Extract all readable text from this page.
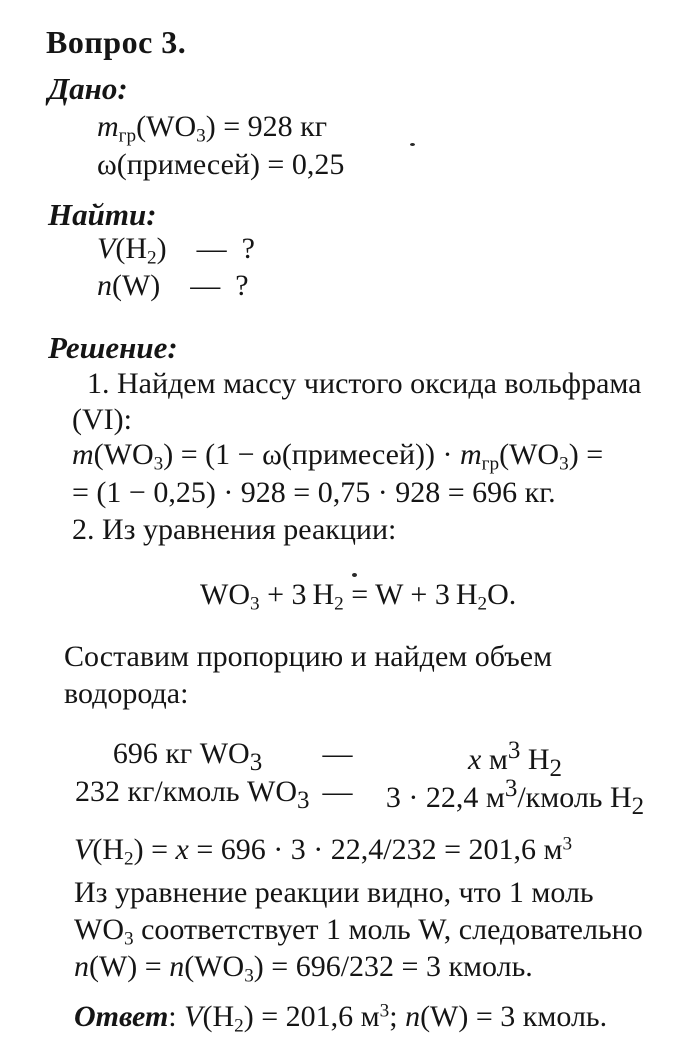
Вопрос 3.
Дано:
$m_{гр}(WO_3) = 928$ кг
ω(примесей) = 0,25
Найти:
$V(H_2)$ — ?
n(W) — ?
Решение:
1. Найдем массу чистого оксида вольфрама
(VI):
$m(WO_3) = (1$ − ω(примесей)) · $m_{гр}(WO_3)$ =
= (1 − 0,25) · 928 = 0,75 · 928 = 696 кг.
2. Из уравнения реакции:
$WO_3 + 3$ $H_2 = W + 3$ $H_2O$.
Составим пропорцию и найдем объем
водорода:
696 кг $WO_3$	—	x $м^3$ $H_2$
232 кг/кмоль $WO_3$ —	3 · 22,4 $м^3$/кмоль $H_2$
$V(H_2) = x = 696 \cdot 3 \cdot 22,4/232 = 201,6$ $м^3$
Из уравнение реакции видно, что 1 моль
$WO_3$ соответствует 1 моль W, следовательно
$n(W) = n(WO_3) = 696/232 = 3$ кмоль.
Ответ: $V(H_2) = 201,6$ $м^3$; n(W) = 3 кмоль.
